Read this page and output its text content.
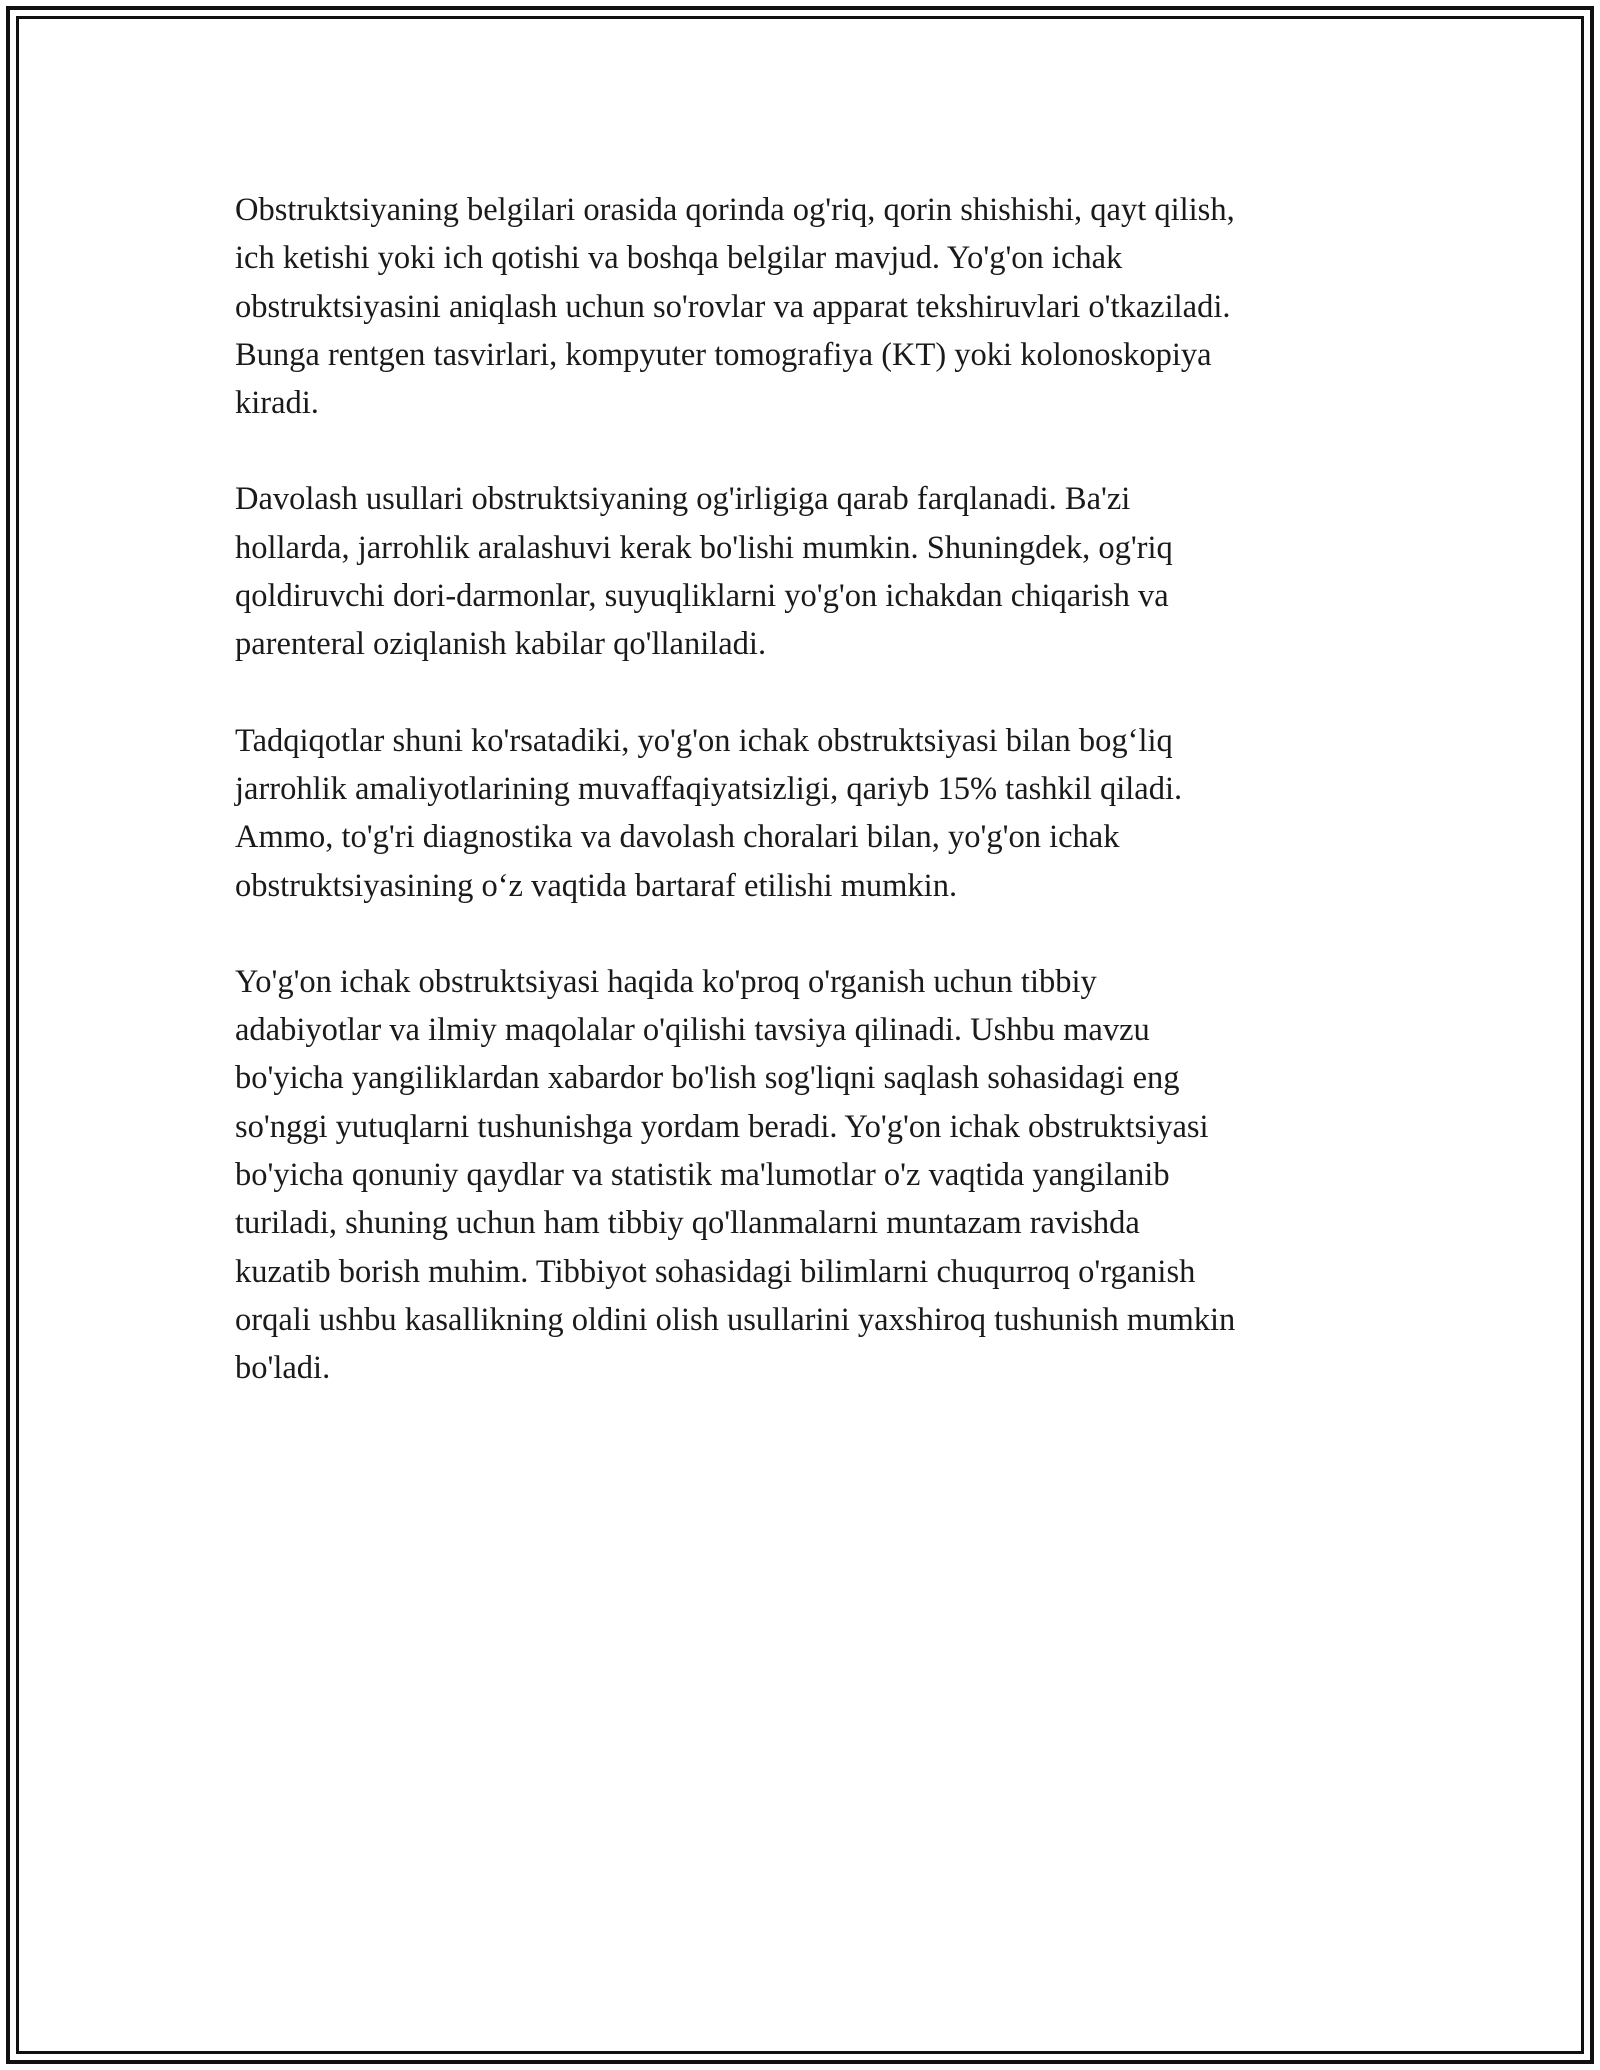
Obstruktsiyaning belgilari orasida qorinda og'riq, qorin shishishi, qayt qilish,
ich ketishi yoki ich qotishi va boshqa belgilar mavjud. Yo'g'on ichak
obstruktsiyasini aniqlash uchun so'rovlar va apparat tekshiruvlari o'tkaziladi.
Bunga rentgen tasvirlari, kompyuter tomografiya (KT) yoki kolonoskopiya
kiradi.

Davolash usullari obstruktsiyaning og'irligiga qarab farqlanadi. Ba'zi
hollarda, jarrohlik aralashuvi kerak bo'lishi mumkin. Shuningdek, og'riq
qoldiruvchi dori-darmonlar, suyuqliklarni yo'g'on ichakdan chiqarish va
parenteral oziqlanish kabilar qo'llaniladi.

Tadqiqotlar shuni ko'rsatadiki, yo'g'on ichak obstruktsiyasi bilan bog‘liq
jarrohlik amaliyotlarining muvaffaqiyatsizligi, qariyb 15% tashkil qiladi.
Ammo, to'g'ri diagnostika va davolash choralari bilan, yo'g'on ichak
obstruktsiyasining o‘z vaqtida bartaraf etilishi mumkin.

Yo'g'on ichak obstruktsiyasi haqida ko'proq o'rganish uchun tibbiy
adabiyotlar va ilmiy maqolalar o'qilishi tavsiya qilinadi. Ushbu mavzu
bo'yicha yangiliklardan xabardor bo'lish sog'liqni saqlash sohasidagi eng
so'nggi yutuqlarni tushunishga yordam beradi. Yo'g'on ichak obstruktsiyasi
bo'yicha qonuniy qaydlar va statistik ma'lumotlar o'z vaqtida yangilanib
turiladi, shuning uchun ham tibbiy qo'llanmalarni muntazam ravishda
kuzatib borish muhim. Tibbiyot sohasidagi bilimlarni chuqurroq o'rganish
orqali ushbu kasallikning oldini olish usullarini yaxshiroq tushunish mumkin
bo'ladi.
